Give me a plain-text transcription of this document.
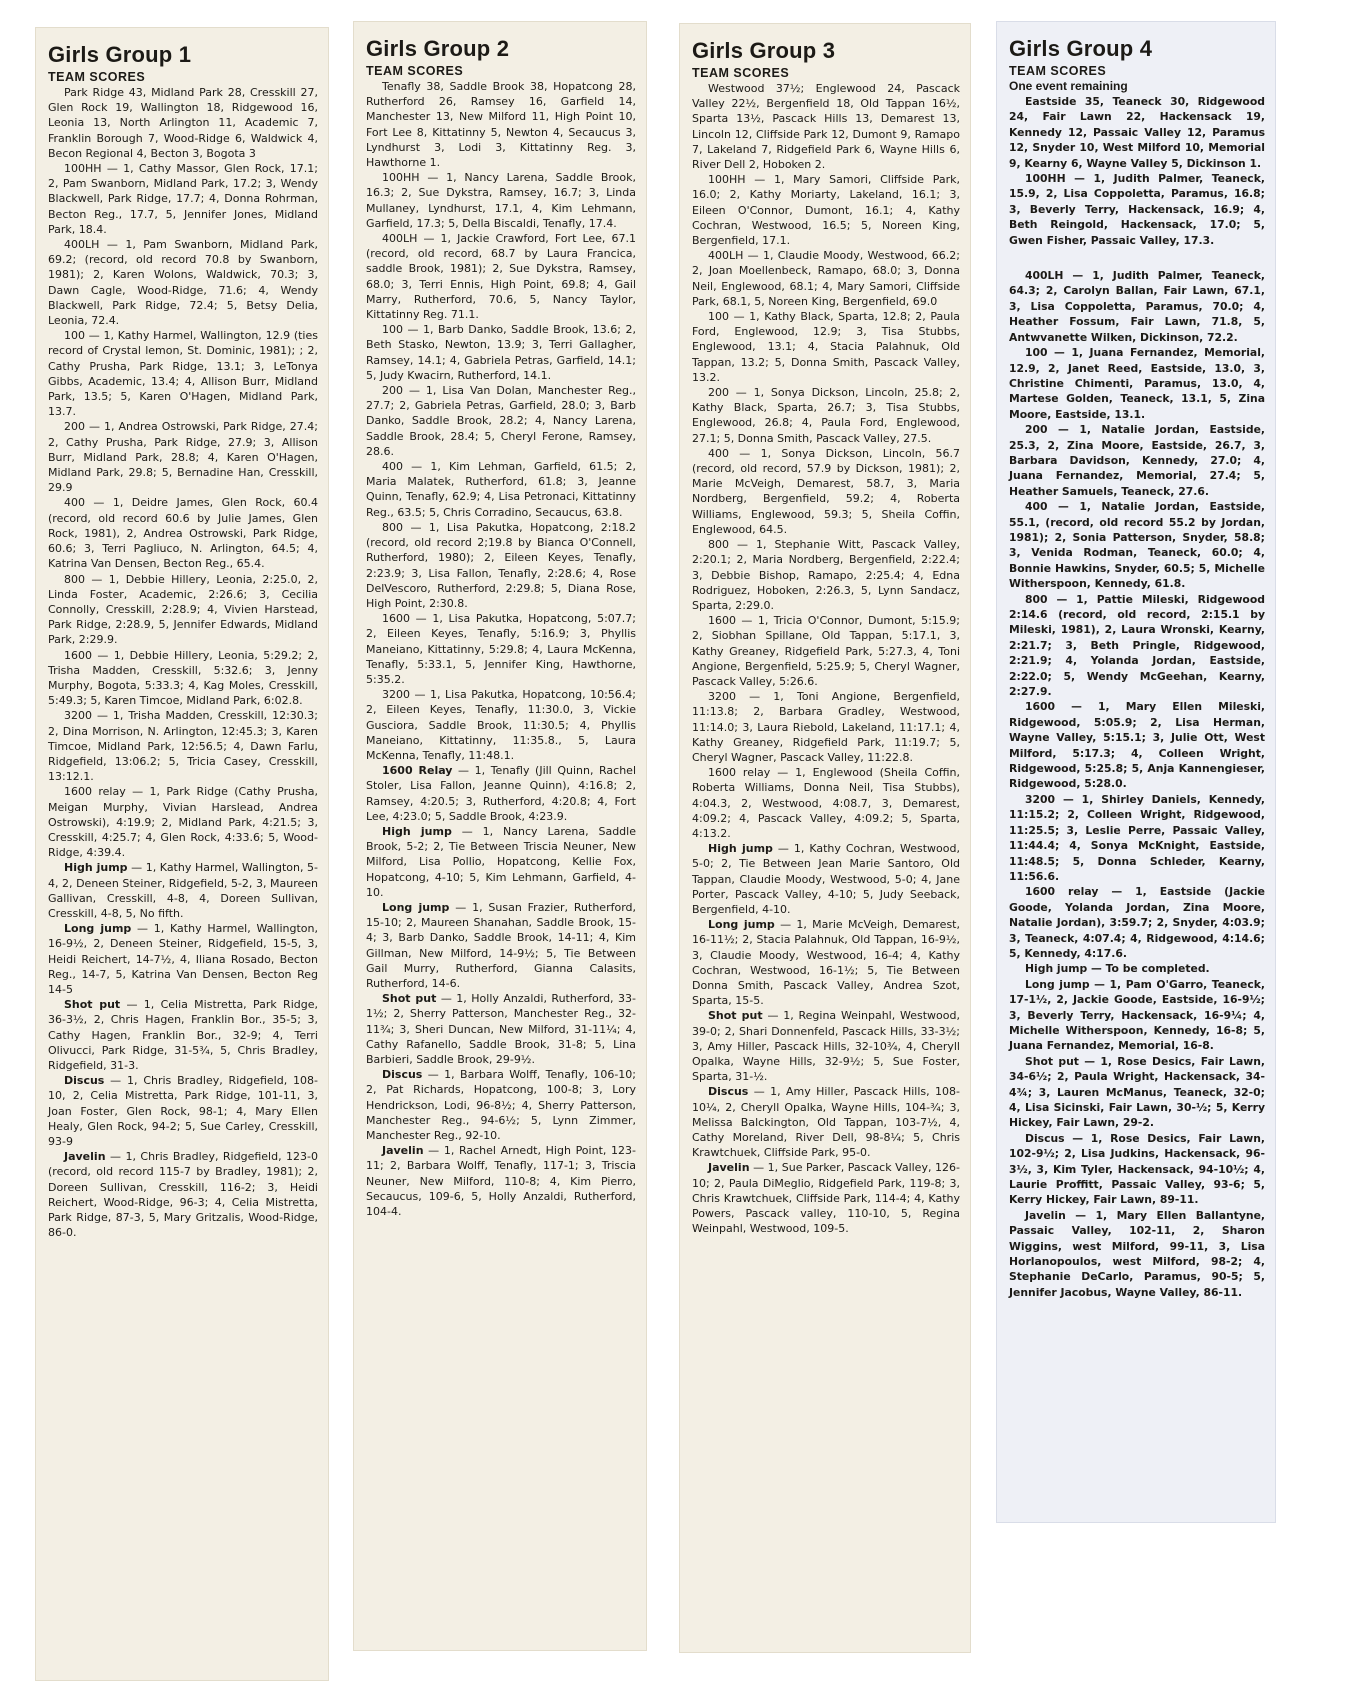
Girls Group 1
TEAM SCORES

Park Ridge 43, Midland Park 28, Cresskill 27, Glen Rock 19, Wallington 18, Ridgewood 16, Leonia 13, North Arlington 11, Academic 7, Franklin Borough 7, Wood-Ridge 6, Waldwick 4, Becon Regional 4, Becton 3, Bogota 3

100HH — 1, Cathy Massor, Glen Rock, 17.1; 2, Pam Swanborn, Midland Park, 17.2; 3, Wendy Blackwell, Park Ridge, 17.7; 4, Donna Rohrman, Becton Reg., 17.7, 5, Jennifer Jones, Midland Park, 18.4.

400LH — 1, Pam Swanborn, Midland Park, 69.2; (record, old record 70.8 by Swanborn, 1981); 2, Karen Wolons, Waldwick, 70.3; 3, Dawn Cagle, Wood-Ridge, 71.6; 4, Wendy Blackwell, Park Ridge, 72.4; 5, Betsy Delia, Leonia, 72.4.

100 — 1, Kathy Harmel, Wallington, 12.9 (ties record of Crystal lemon, St. Dominic, 1981); ; 2, Cathy Prusha, Park Ridge, 13.1; 3, LeTonya Gibbs, Academic, 13.4; 4, Allison Burr, Midland Park, 13.5; 5, Karen O'Hagen, Midland Park, 13.7.

200 — 1, Andrea Ostrowski, Park Ridge, 27.4; 2, Cathy Prusha, Park Ridge, 27.9; 3, Allison Burr, Midland Park, 28.8; 4, Karen O'Hagen, Midland Park, 29.8; 5, Bernadine Han, Cresskill, 29.9

400 — 1, Deidre James, Glen Rock, 60.4 (record, old record 60.6 by Julie James, Glen Rock, 1981), 2, Andrea Ostrowski, Park Ridge, 60.6; 3, Terri Pagliuco, N. Arlington, 64.5; 4, Katrina Van Densen, Becton Reg., 65.4.

800 — 1, Debbie Hillery, Leonia, 2:25.0, 2, Linda Foster, Academic, 2:26.6; 3, Cecilia Connolly, Cresskill, 2:28.9; 4, Vivien Harstead, Park Ridge, 2:28.9, 5, Jennifer Edwards, Midland Park, 2:29.9.

1600 — 1, Debbie Hillery, Leonia, 5:29.2; 2, Trisha Madden, Cresskill, 5:32.6; 3, Jenny Murphy, Bogota, 5:33.3; 4, Kag Moles, Cresskill, 5:49.3; 5, Karen Timcoe, Midland Park, 6:02.8.

3200 — 1, Trisha Madden, Cresskill, 12:30.3; 2, Dina Morrison, N. Arlington, 12:45.3; 3, Karen Timcoe, Midland Park, 12:56.5; 4, Dawn Farlu, Ridgefield, 13:06.2; 5, Tricia Casey, Cresskill, 13:12.1.

1600 relay — 1, Park Ridge (Cathy Prusha, Meigan Murphy, Vivian Harslead, Andrea Ostrowski), 4:19.9; 2, Midland Park, 4:21.5; 3, Cresskill, 4:25.7; 4, Glen Rock, 4:33.6; 5, Wood-Ridge, 4:39.4.

High jump — 1, Kathy Harmel, Wallington, 5-4, 2, Deneen Steiner, Ridgefield, 5-2, 3, Maureen Gallivan, Cresskill, 4-8, 4, Doreen Sullivan, Cresskill, 4-8, 5, No fifth.

Long jump — 1, Kathy Harmel, Wallington, 16-9½, 2, Deneen Steiner, Ridgefield, 15-5, 3, Heidi Reichert, 14-7½, 4, Iliana Rosado, Becton Reg., 14-7, 5, Katrina Van Densen, Becton Reg 14-5

Shot put — 1, Celia Mistretta, Park Ridge, 36-3½, 2, Chris Hagen, Franklin Bor., 35-5; 3, Cathy Hagen, Franklin Bor., 32-9; 4, Terri Olivucci, Park Ridge, 31-5¾, 5, Chris Bradley, Ridgefield, 31-3.

Discus — 1, Chris Bradley, Ridgefield, 108-10, 2, Celia Mistretta, Park Ridge, 101-11, 3, Joan Foster, Glen Rock, 98-1; 4, Mary Ellen Healy, Glen Rock, 94-2; 5, Sue Carley, Cresskill, 93-9

Javelin — 1, Chris Bradley, Ridgefield, 123-0 (record, old record 115-7 by Bradley, 1981); 2, Doreen Sullivan, Cresskill, 116-2; 3, Heidi Reichert, Wood-Ridge, 96-3; 4, Celia Mistretta, Park Ridge, 87-3, 5, Mary Gritzalis, Wood-Ridge, 86-0.

Girls Group 2
TEAM SCORES

Tenafly 38, Saddle Brook 38, Hopatcong 28, Rutherford 26, Ramsey 16, Garfield 14, Manchester 13, New Milford 11, High Point 10, Fort Lee 8, Kittatinny 5, Newton 4, Secaucus 3, Lyndhurst 3, Lodi 3, Kittatinny Reg. 3, Hawthorne 1.

100HH — 1, Nancy Larena, Saddle Brook, 16.3; 2, Sue Dykstra, Ramsey, 16.7; 3, Linda Mullaney, Lyndhurst, 17.1, 4, Kim Lehmann, Garfield, 17.3; 5, Della Biscaldi, Tenafly, 17.4.

400LH — 1, Jackie Crawford, Fort Lee, 67.1 (record, old record, 68.7 by Laura Francica, saddle Brook, 1981); 2, Sue Dykstra, Ramsey, 68.0; 3, Terri Ennis, High Point, 69.8; 4, Gail Marry, Rutherford, 70.6, 5, Nancy Taylor, Kittatinny Reg. 71.1.

100 — 1, Barb Danko, Saddle Brook, 13.6; 2, Beth Stasko, Newton, 13.9; 3, Terri Gallagher, Ramsey, 14.1; 4, Gabriela Petras, Garfield, 14.1; 5, Judy Kwacirn, Rutherford, 14.1.

200 — 1, Lisa Van Dolan, Manchester Reg., 27.7; 2, Gabriela Petras, Garfield, 28.0; 3, Barb Danko, Saddle Brook, 28.2; 4, Nancy Larena, Saddle Brook, 28.4; 5, Cheryl Ferone, Ramsey, 28.6.

400 — 1, Kim Lehman, Garfield, 61.5; 2, Maria Malatek, Rutherford, 61.8; 3, Jeanne Quinn, Tenafly, 62.9; 4, Lisa Petronaci, Kittatinny Reg., 63.5; 5, Chris Corradino, Secaucus, 63.8.

800 — 1, Lisa Pakutka, Hopatcong, 2:18.2 (record, old record 2;19.8 by Bianca O'Connell, Rutherford, 1980); 2, Eileen Keyes, Tenafly, 2:23.9; 3, Lisa Fallon, Tenafly, 2:28.6; 4, Rose DelVescoro, Rutherford, 2:29.8; 5, Diana Rose, High Point, 2:30.8.

1600 — 1, Lisa Pakutka, Hopatcong, 5:07.7; 2, Eileen Keyes, Tenafly, 5:16.9; 3, Phyllis Maneiano, Kittatinny, 5:29.8; 4, Laura McKenna, Tenafly, 5:33.1, 5, Jennifer King, Hawthorne, 5:35.2.

3200 — 1, Lisa Pakutka, Hopatcong, 10:56.4; 2, Eileen Keyes, Tenafly, 11:30.0, 3, Vickie Gusciora, Saddle Brook, 11:30.5; 4, Phyllis Maneiano, Kittatinny, 11:35.8., 5, Laura McKenna, Tenafly, 11:48.1.

1600 Relay — 1, Tenafly (Jill Quinn, Rachel Stoler, Lisa Fallon, Jeanne Quinn), 4:16.8; 2, Ramsey, 4:20.5; 3, Rutherford, 4:20.8; 4, Fort Lee, 4:23.0; 5, Saddle Brook, 4:23.9.

High jump — 1, Nancy Larena, Saddle Brook, 5-2; 2, Tie Between Triscia Neuner, New Milford, Lisa Pollio, Hopatcong, Kellie Fox, Hopatcong, 4-10; 5, Kim Lehmann, Garfield, 4-10.

Long jump — 1, Susan Frazier, Rutherford, 15-10; 2, Maureen Shanahan, Saddle Brook, 15-4; 3, Barb Danko, Saddle Brook, 14-11; 4, Kim Gillman, New Milford, 14-9½; 5, Tie Between Gail Murry, Rutherford, Gianna Calasits, Rutherford, 14-6.

Shot put — 1, Holly Anzaldi, Rutherford, 33-1½; 2, Sherry Patterson, Manchester Reg., 32-11¾; 3, Sheri Duncan, New Milford, 31-11¼; 4, Cathy Rafanello, Saddle Brook, 31-8; 5, Lina Barbieri, Saddle Brook, 29-9½.

Discus — 1, Barbara Wolff, Tenafly, 106-10; 2, Pat Richards, Hopatcong, 100-8; 3, Lory Hendrickson, Lodi, 96-8½; 4, Sherry Patterson, Manchester Reg., 94-6½; 5, Lynn Zimmer, Manchester Reg., 92-10.

Javelin — 1, Rachel Arnedt, High Point, 123-11; 2, Barbara Wolff, Tenafly, 117-1; 3, Triscia Neuner, New Milford, 110-8; 4, Kim Pierro, Secaucus, 109-6, 5, Holly Anzaldi, Rutherford, 104-4.

Girls Group 3
TEAM SCORES

Westwood 37½; Englewood 24, Pascack Valley 22½, Bergenfield 18, Old Tappan 16½, Sparta 13½, Pascack Hills 13, Demarest 13, Lincoln 12, Cliffside Park 12, Dumont 9, Ramapo 7, Lakeland 7, Ridgefield Park 6, Wayne Hills 6, River Dell 2, Hoboken 2.

100HH — 1, Mary Samori, Cliffside Park, 16.0; 2, Kathy Moriarty, Lakeland, 16.1; 3, Eileen O'Connor, Dumont, 16.1; 4, Kathy Cochran, Westwood, 16.5; 5, Noreen King, Bergenfield, 17.1.

400LH — 1, Claudie Moody, Westwood, 66.2; 2, Joan Moellenbeck, Ramapo, 68.0; 3, Donna Neil, Englewood, 68.1; 4, Mary Samori, Cliffside Park, 68.1, 5, Noreen King, Bergenfield, 69.0

100 — 1, Kathy Black, Sparta, 12.8; 2, Paula Ford, Englewood, 12.9; 3, Tisa Stubbs, Englewood, 13.1; 4, Stacia Palahnuk, Old Tappan, 13.2; 5, Donna Smith, Pascack Valley, 13.2.

200 — 1, Sonya Dickson, Lincoln, 25.8; 2, Kathy Black, Sparta, 26.7; 3, Tisa Stubbs, Englewood, 26.8; 4, Paula Ford, Englewood, 27.1; 5, Donna Smith, Pascack Valley, 27.5.

400 — 1, Sonya Dickson, Lincoln, 56.7 (record, old record, 57.9 by Dickson, 1981); 2, Marie McVeigh, Demarest, 58.7, 3, Maria Nordberg, Bergenfield, 59.2; 4, Roberta Williams, Englewood, 59.3; 5, Sheila Coffin, Englewood, 64.5.

800 — 1, Stephanie Witt, Pascack Valley, 2:20.1; 2, Maria Nordberg, Bergenfield, 2:22.4; 3, Debbie Bishop, Ramapo, 2:25.4; 4, Edna Rodriguez, Hoboken, 2:26.3, 5, Lynn Sandacz, Sparta, 2:29.0.

1600 — 1, Tricia O'Connor, Dumont, 5:15.9; 2, Siobhan Spillane, Old Tappan, 5:17.1, 3, Kathy Greaney, Ridgefield Park, 5:27.3, 4, Toni Angione, Bergenfield, 5:25.9; 5, Cheryl Wagner, Pascack Valley, 5:26.6.

3200 — 1, Toni Angione, Bergenfield, 11:13.8; 2, Barbara Gradley, Westwood, 11:14.0; 3, Laura Riebold, Lakeland, 11:17.1; 4, Kathy Greaney, Ridgefield Park, 11:19.7; 5, Cheryl Wagner, Pascack Valley, 11:22.8.

1600 relay — 1, Englewood (Sheila Coffin, Roberta Williams, Donna Neil, Tisa Stubbs), 4:04.3, 2, Westwood, 4:08.7, 3, Demarest, 4:09.2; 4, Pascack Valley, 4:09.2; 5, Sparta, 4:13.2.

High jump — 1, Kathy Cochran, Westwood, 5-0; 2, Tie Between Jean Marie Santoro, Old Tappan, Claudie Moody, Westwood, 5-0; 4, Jane Porter, Pascack Valley, 4-10; 5, Judy Seeback, Bergenfield, 4-10.

Long jump — 1, Marie McVeigh, Demarest, 16-11½; 2, Stacia Palahnuk, Old Tappan, 16-9½, 3, Claudie Moody, Westwood, 16-4; 4, Kathy Cochran, Westwood, 16-1½; 5, Tie Between Donna Smith, Pascack Valley, Andrea Szot, Sparta, 15-5.

Shot put — 1, Regina Weinpahl, Westwood, 39-0; 2, Shari Donnenfeld, Pascack Hills, 33-3½; 3, Amy Hiller, Pascack Hills, 32-10¾, 4, Cheryll Opalka, Wayne Hills, 32-9½; 5, Sue Foster, Sparta, 31-½.

Discus — 1, Amy Hiller, Pascack Hills, 108-10¼, 2, Cheryll Opalka, Wayne Hills, 104-¾; 3, Melissa Balckington, Old Tappan, 103-7½, 4, Cathy Moreland, River Dell, 98-8¼; 5, Chris Krawtchuek, Cliffside Park, 95-0.

Javelin — 1, Sue Parker, Pascack Valley, 126-10; 2, Paula DiMeglio, Ridgefield Park, 119-8; 3, Chris Krawtchuek, Cliffside Park, 114-4; 4, Kathy Powers, Pascack valley, 110-10, 5, Regina Weinpahl, Westwood, 109-5.

Girls Group 4
TEAM SCORES
One event remaining

Eastside 35, Teaneck 30, Ridgewood 24, Fair Lawn 22, Hackensack 19, Kennedy 12, Passaic Valley 12, Paramus 12, Snyder 10, West Milford 10, Memorial 9, Kearny 6, Wayne Valley 5, Dickinson 1.

100HH — 1, Judith Palmer, Teaneck, 15.9, 2, Lisa Coppoletta, Paramus, 16.8; 3, Beverly Terry, Hackensack, 16.9; 4, Beth Reingold, Hackensack, 17.0; 5, Gwen Fisher, Passaic Valley, 17.3.

400LH — 1, Judith Palmer, Teaneck, 64.3; 2, Carolyn Ballan, Fair Lawn, 67.1, 3, Lisa Coppoletta, Paramus, 70.0; 4, Heather Fossum, Fair Lawn, 71.8, 5, Antwvanette Wilken, Dickinson, 72.2.

100 — 1, Juana Fernandez, Memorial, 12.9, 2, Janet Reed, Eastside, 13.0, 3, Christine Chimenti, Paramus, 13.0, 4, Martese Golden, Teaneck, 13.1, 5, Zina Moore, Eastside, 13.1.

200 — 1, Natalie Jordan, Eastside, 25.3, 2, Zina Moore, Eastside, 26.7, 3, Barbara Davidson, Kennedy, 27.0; 4, Juana Fernandez, Memorial, 27.4; 5, Heather Samuels, Teaneck, 27.6.

400 — 1, Natalie Jordan, Eastside, 55.1, (record, old record 55.2 by Jordan, 1981); 2, Sonia Patterson, Snyder, 58.8; 3, Venida Rodman, Teaneck, 60.0; 4, Bonnie Hawkins, Snyder, 60.5; 5, Michelle Witherspoon, Kennedy, 61.8.

800 — 1, Pattie Mileski, Ridgewood 2:14.6 (record, old record, 2:15.1 by Mileski, 1981), 2, Laura Wronski, Kearny, 2:21.7; 3, Beth Pringle, Ridgewood, 2:21.9; 4, Yolanda Jordan, Eastside, 2:22.0; 5, Wendy McGeehan, Kearny, 2:27.9.

1600 — 1, Mary Ellen Mileski, Ridgewood, 5:05.9; 2, Lisa Herman, Wayne Valley, 5:15.1; 3, Julie Ott, West Milford, 5:17.3; 4, Colleen Wright, Ridgewood, 5:25.8; 5, Anja Kannengieser, Ridgewood, 5:28.0.

3200 — 1, Shirley Daniels, Kennedy, 11:15.2; 2, Colleen Wright, Ridgewood, 11:25.5; 3, Leslie Perre, Passaic Valley, 11:44.4; 4, Sonya McKnight, Eastside, 11:48.5; 5, Donna Schleder, Kearny, 11:56.6.

1600 relay — 1, Eastside (Jackie Goode, Yolanda Jordan, Zina Moore, Natalie Jordan), 3:59.7; 2, Snyder, 4:03.9; 3, Teaneck, 4:07.4; 4, Ridgewood, 4:14.6; 5, Kennedy, 4:17.6.

High jump — To be completed.

Long jump — 1, Pam O'Garro, Teaneck, 17-1½, 2, Jackie Goode, Eastside, 16-9½; 3, Beverly Terry, Hackensack, 16-9¼; 4, Michelle Witherspoon, Kennedy, 16-8; 5, Juana Fernandez, Memorial, 16-8.

Shot put — 1, Rose Desics, Fair Lawn, 34-6½; 2, Paula Wright, Hackensack, 34-4¾; 3, Lauren McManus, Teaneck, 32-0; 4, Lisa Sicinski, Fair Lawn, 30-½; 5, Kerry Hickey, Fair Lawn, 29-2.

Discus — 1, Rose Desics, Fair Lawn, 102-9½; 2, Lisa Judkins, Hackensack, 96-3½, 3, Kim Tyler, Hackensack, 94-10½; 4, Laurie Proffitt, Passaic Valley, 93-6; 5, Kerry Hickey, Fair Lawn, 89-11.

Javelin — 1, Mary Ellen Ballantyne, Passaic Valley, 102-11, 2, Sharon Wiggins, west Milford, 99-11, 3, Lisa Horlanopoulos, west Milford, 98-2; 4, Stephanie DeCarlo, Paramus, 90-5; 5, Jennifer Jacobus, Wayne Valley, 86-11.
